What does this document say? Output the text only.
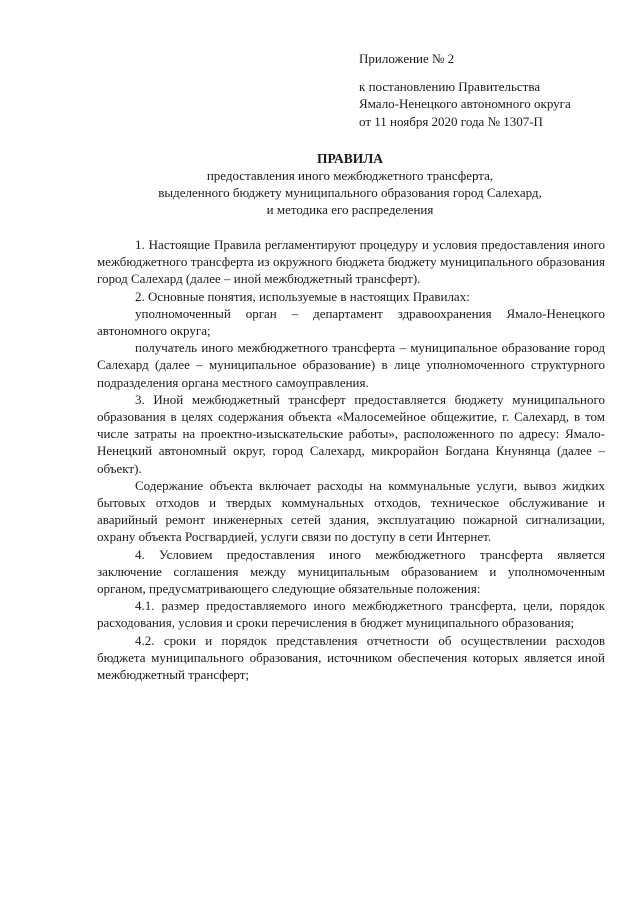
Приложение № 2
к постановлению Правительства
Ямало-Ненецкого автономного округа
от 11 ноября 2020 года № 1307-П
ПРАВИЛА
предоставления иного межбюджетного трансферта,
выделенного бюджету муниципального образования город Салехард,
и методика его распределения

1. Настоящие Правила регламентируют процедуру и условия предоставления иного межбюджетного трансферта из окружного бюджета бюджету муниципального образования город Салехард (далее – иной межбюджетный трансферт).

2. Основные понятия, используемые в настоящих Правилах:

уполномоченный орган – департамент здравоохранения Ямало-Ненецкого автономного округа;

получатель иного межбюджетного трансферта – муниципальное образование город Салехард (далее – муниципальное образование) в лице уполномоченного структурного подразделения органа местного самоуправления.

3. Иной межбюджетный трансферт предоставляется бюджету муниципального образования в целях содержания объекта «Малосемейное общежитие, г. Салехард, в том числе затраты на проектно-изыскательские работы», расположенного по адресу: Ямало-Ненецкий автономный округ, город Салехард, микрорайон Богдана Кнунянца (далее – объект).

Содержание объекта включает расходы на коммунальные услуги, вывоз жидких бытовых отходов и твердых коммунальных отходов, техническое обслуживание и аварийный ремонт инженерных сетей здания, эксплуатацию пожарной сигнализации, охрану объекта Росгвардией, услуги связи по доступу в сети Интернет.

4. Условием предоставления иного межбюджетного трансферта является заключение соглашения между муниципальным образованием и уполномоченным органом, предусматривающего следующие обязательные положения:

4.1. размер предоставляемого иного межбюджетного трансферта, цели, порядок расходования, условия и сроки перечисления в бюджет муниципального образования;

4.2. сроки и порядок представления отчетности об осуществлении расходов бюджета муниципального образования, источником обеспечения которых является иной межбюджетный трансферт;
